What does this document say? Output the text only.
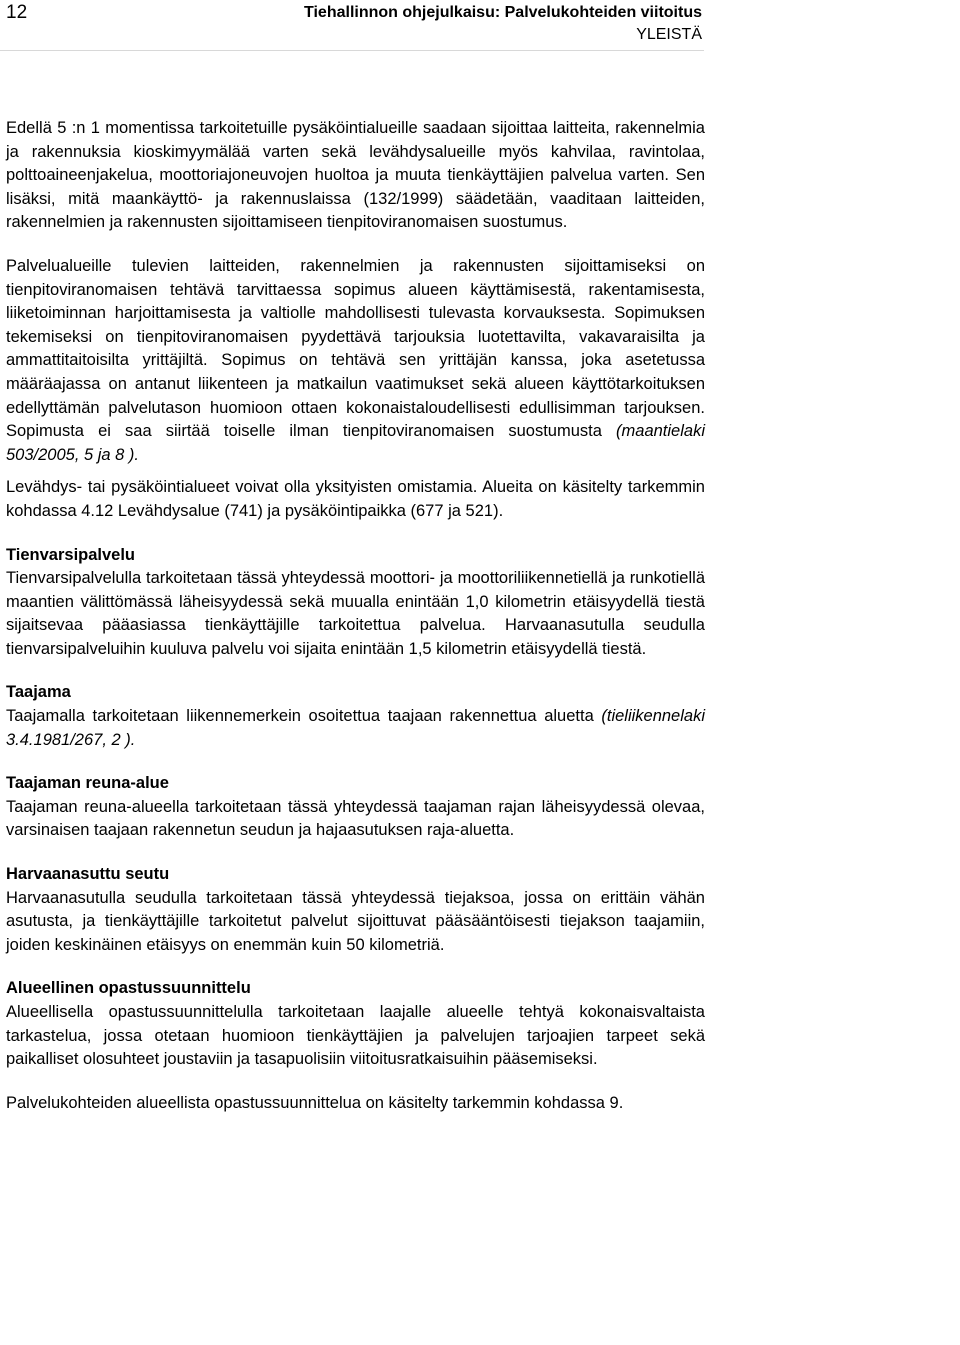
12	Tiehallinnon ohjejulkaisu: Palvelukohteiden viitoitus
YLEISTÄ

Edellä 5 :n 1 momentissa tarkoitetuille pysäköintialueille saadaan sijoittaa laitteita, rakennelmia ja rakennuksia kioskimyymälää varten sekä levähdysalueille myös kahvilaa, ravintolaa, polttoaineenjakelua, moottoriajoneuvojen huoltoa ja muuta tienkäyttäjien palvelua varten. Sen lisäksi, mitä maankäyttö- ja rakennuslaissa (132/1999) säädetään, vaaditaan laitteiden, rakennelmien ja rakennusten sijoittamiseen tienpitoviranomaisen suostumus.

Palvelualueille tulevien laitteiden, rakennelmien ja rakennusten sijoittamiseksi on tienpitoviranomaisen tehtävä tarvittaessa sopimus alueen käyttämisestä, rakentamisesta, liiketoiminnan harjoittamisesta ja valtiolle mahdollisesti tulevasta korvauksesta. Sopimuksen tekemiseksi on tienpitoviranomaisen pyydettävä tarjouksia luotettavilta, vakavaraisilta ja ammattitaitoisilta yrittäjiltä. Sopimus on tehtävä sen yrittäjän kanssa, joka asetetussa määräajassa on antanut liikenteen ja matkailun vaatimukset sekä alueen käyttötarkoituksen edellyttämän palvelutason huomioon ottaen kokonaistaloudellisesti edullisimman tarjouksen. Sopimusta ei saa siirtää toiselle ilman tienpitoviranomaisen suostumusta (maantielaki 503/2005, 5 ja 8 ).

Levähdys- tai pysäköintialueet voivat olla yksityisten omistamia. Alueita on käsitelty tarkemmin kohdassa 4.12 Levähdysalue (741) ja pysäköintipaikka (677 ja 521).

Tienvarsipalvelu

Tienvarsipalvelulla tarkoitetaan tässä yhteydessä moottori- ja moottoriliikennetiellä ja runkotiellä maantien välittömässä läheisyydessä sekä muualla enintään 1,0 kilometrin etäisyydellä tiestä sijaitsevaa pääasiassa tienkäyttäjille tarkoitettua palvelua. Harvaanasutulla seudulla tienvarsipalveluihin kuuluva palvelu voi sijaita enintään 1,5 kilometrin etäisyydellä tiestä.

Taajama

Taajamalla tarkoitetaan liikennemerkein osoitettua taajaan rakennettua aluetta (tieliikennelaki 3.4.1981/267, 2 ).

Taajaman reuna-alue

Taajaman reuna-alueella tarkoitetaan tässä yhteydessä taajaman rajan läheisyydessä olevaa, varsinaisen taajaan rakennetun seudun ja hajaasutuksen raja-aluetta.

Harvaanasuttu seutu

Harvaanasutulla seudulla tarkoitetaan tässä yhteydessä tiejaksoa, jossa on erittäin vähän asutusta, ja tienkäyttäjille tarkoitetut palvelut sijoittuvat pääsääntöisesti tiejakson taajamiin, joiden keskinäinen etäisyys on enemmän kuin 50 kilometriä.

Alueellinen opastussuunnittelu

Alueellisella opastussuunnittelulla tarkoitetaan laajalle alueelle tehtyä kokonaisvaltaista tarkastelua, jossa otetaan huomioon tienkäyttäjien ja palvelujen tarjoajien tarpeet sekä paikalliset olosuhteet joustaviin ja tasapuolisiin viitoitusratkaisuihin pääsemiseksi.

Palvelukohteiden alueellista opastussuunnittelua on käsitelty tarkemmin kohdassa 9.
